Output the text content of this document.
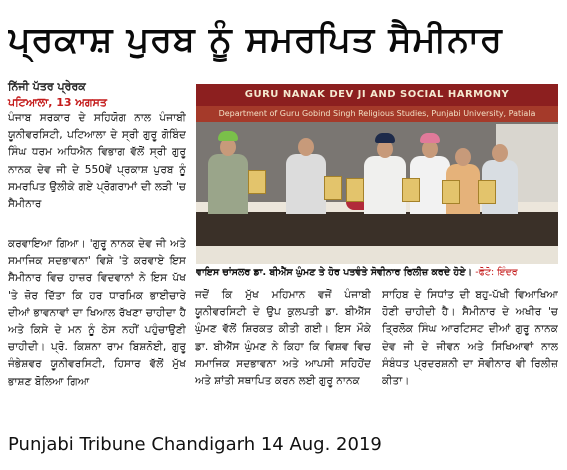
ਪ੍ਰਕਾਸ਼ ਪੁਰਬ ਨੂੰ ਸਮਰਪਿਤ ਸੈਮੀਨਾਰ
ਨਿੱਜੀ ਪੱਤਰ ਪ੍ਰੇਰਕ
ਪਟਿਆਲਾ, 13 ਅਗਸਤ
ਪੰਜਾਬ ਸਰਕਾਰ ਦੇ ਸਹਿਯੋਗ ਨਾਲ ਪੰਜਾਬੀ ਯੂਨੀਵਰਸਿਟੀ, ਪਟਿਆਲਾ ਦੇ ਸ੍ਰੀ ਗੁਰੂ ਗੋਬਿੰਦ ਸਿੰਘ ਧਰਮ ਅਧਿਐਨ ਵਿਭਾਗ ਵੱਲੋਂ ਸ੍ਰੀ ਗੁਰੂ ਨਾਨਕ ਦੇਵ ਜੀ ਦੇ 550ਵੇਂ ਪ੍ਰਕਾਸ਼ ਪੁਰਬ ਨੂੰ ਸਮਰਪਿਤ ਉਲੀਕੇ ਗਏ ਪ੍ਰੋਗਰਾਮਾਂ ਦੀ ਲੜੀ 'ਚ ਸੈਮੀਨਾਰ
ਕਰਵਾਇਆ ਗਿਆ। 'ਗੁਰੂ ਨਾਨਕ ਦੇਵ ਜੀ ਅਤੇ ਸਮਾਜਿਕ ਸਦਭਾਵਨਾ' ਵਿਸ਼ੇ 'ਤੇ ਕਰਵਾਏ ਇਸ ਸੈਮੀਨਾਰ ਵਿਚ ਹਾਜ਼ਰ ਵਿਦਵਾਨਾਂ ਨੇ ਇਸ ਪੱਖ 'ਤੇ ਜ਼ੋਰ ਦਿੱਤਾ ਕਿ ਹਰ ਧਾਰਮਿਕ ਭਾਈਚਾਰੇ ਦੀਆਂ ਭਾਵਨਾਵਾਂ ਦਾ ਖਿਆਲ ਰੱਖਣਾ ਚਾਹੀਦਾ ਹੈ ਅਤੇ ਕਿਸੇ ਦੇ ਮਨ ਨੂੰ ਠੇਸ ਨਹੀਂ ਪਹੁੰਚਾਉਣੀ ਚਾਹੀਦੀ। ਪ੍ਰੋ. ਕਿਸ਼ਨਾ ਰਾਮ ਬਿਸ਼ਨੋਈ, ਗੁਰੂ ਜੰਭੇਸ਼ਵਰ ਯੂਨੀਵਰਸਿਟੀ, ਹਿਸਾਰ ਵੱਲੋਂ ਮੁੱਖ ਭਾਸ਼ਣ ਬੋਲਿਆ ਗਿਆ
GURU NANAK DEV JI AND SOCIAL HARMONY
Department of Guru Gobind Singh Religious Studies, Punjabi University, Patiala
ਵਾਇਸ ਚਾਂਸਲਰ ਡਾ. ਬੀਐੱਸ ਘੁੰਮਣ ਤੇ ਹੋਰ ਪਤਵੰਤੇ ਸੋਵੀਨਾਰ ਰਿਲੀਜ਼ ਕਰਦੇ ਹੋਏ। -ਫੋਟੋ: ਇੰਦਰ
ਜਦੋਂ ਕਿ ਮੁੱਖ ਮਹਿਮਾਨ ਵਜੋਂ ਪੰਜਾਬੀ ਯੂਨੀਵਰਸਿਟੀ ਦੇ ਉਪ ਕੁਲਪਤੀ ਡਾ. ਬੀਐੱਸ ਘੁੰਮਣ ਵੱਲੋਂ ਸ਼ਿਰਕਤ ਕੀਤੀ ਗਈ। ਇਸ ਮੌਕੇ ਡਾ. ਬੀਐੱਸ ਘੁੰਮਣ ਨੇ ਕਿਹਾ ਕਿ ਵਿਸ਼ਵ ਵਿਚ ਸਮਾਜਿਕ ਸਦਭਾਵਨਾ ਅਤੇ ਆਪਸੀ ਸਹਿਹੋਂਦ ਅਤੇ ਸ਼ਾਂਤੀ ਸਥਾਪਿਤ ਕਰਨ ਲਈ ਗੁਰੂ ਨਾਨਕ
ਸਾਹਿਬ ਦੇ ਸਿਧਾਂਤ ਦੀ ਬਹੁ-ਪੱਖੀ ਵਿਆਖਿਆ ਹੋਣੀ ਚਾਹੀਦੀ ਹੈ। ਸੈਮੀਨਾਰ ਦੇ ਅਖੀਰ 'ਚ ਤ੍ਰਿਲੋਕ ਸਿੰਘ ਆਰਟਿਸਟ ਦੀਆਂ ਗੁਰੂ ਨਾਨਕ ਦੇਵ ਜੀ ਦੇ ਜੀਵਨ ਅਤੇ ਸਿਖਿਆਵਾਂ ਨਾਲ ਸੰਬੰਧਤ ਪ੍ਰਦਰਸ਼ਨੀ ਦਾ ਸੋਵੀਨਾਰ ਵੀ ਰਿਲੀਜ਼ ਕੀਤਾ।
Punjabi Tribune Chandigarh 14 Aug. 2019
